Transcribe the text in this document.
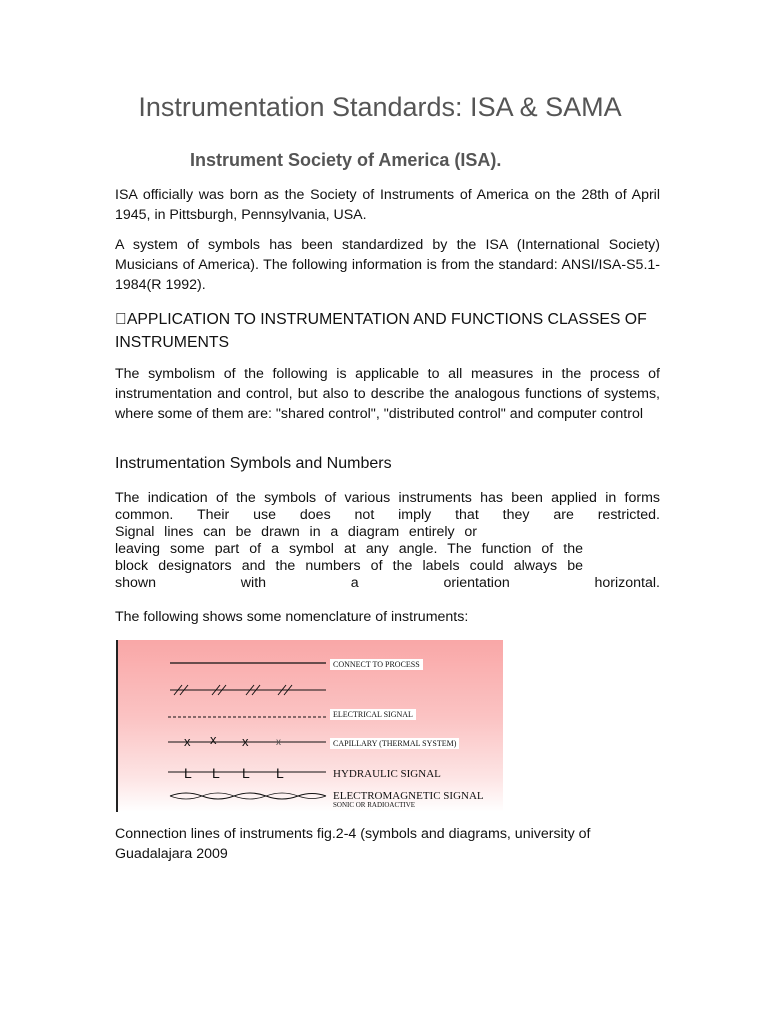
Instrumentation Standards: ISA & SAMA
Instrument Society of America (ISA).

ISA officially was born as the Society of Instruments of America on the 28th of April 1945, in Pittsburgh, Pennsylvania, USA.

A system of symbols has been standardized by the ISA (International Society) Musicians of America). The following information is from the standard: ANSI/ISA-S5.1-1984(R 1992).

APPLICATION TO INSTRUMENTATION AND FUNCTIONS CLASSES OF INSTRUMENTS

The symbolism of the following is applicable to all measures in the process of instrumentation and control, but also to describe the analogous functions of systems, where some of them are: "shared control", "distributed control" and computer control

Instrumentation Symbols and Numbers
The indication of the symbols of various instruments has been applied in forms
common. Their use does not imply that they are restricted.
Signal lines can be drawn in a diagram entirely or
leaving some part of a symbol at any angle. The function of the
block designators and the numbers of the labels could always be
shown with a orientation horizontal.

The following shows some nomenclature of instruments:

x x x	x
L L L L
CONNECT TO PROCESS
ELECTRICAL SIGNAL
CAPILLARY (THERMAL SYSTEM)
HYDRAULIC SIGNAL
ELECTROMAGNETIC SIGNAL
SONIC OR RADIOACTIVE

Connection lines of instruments fig.2-4 (symbols and diagrams, university of Guadalajara 2009
